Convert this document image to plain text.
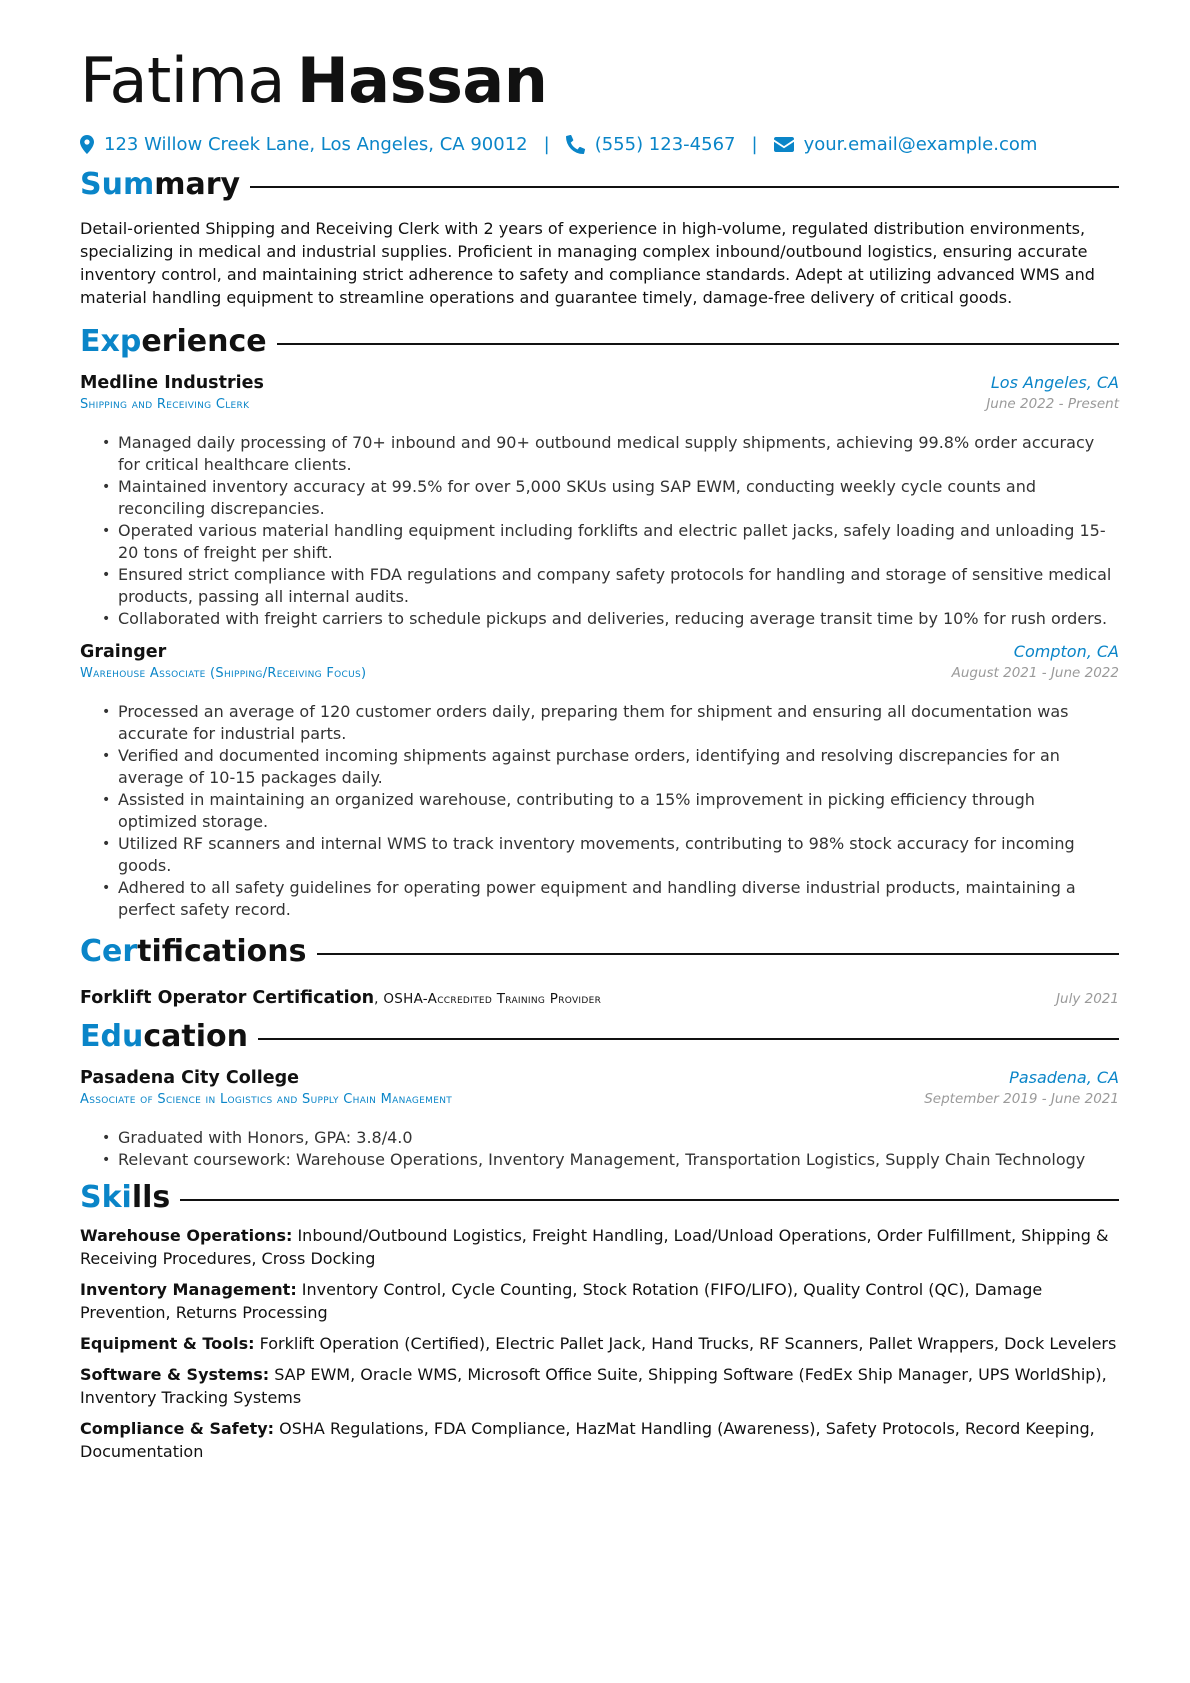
Fatima Hassan
123 Willow Creek Lane, Los Angeles, CA 90012 |	(555) 123-4567 |	your.email@example.com
Summary
Detail-oriented Shipping and Receiving Clerk with 2 years of experience in high-volume, regulated distribution environments, specializing in medical and industrial supplies. Proficient in managing complex inbound/outbound logistics, ensuring accurate inventory control, and maintaining strict adherence to safety and compliance standards. Adept at utilizing advanced WMS and material handling equipment to streamline operations and guarantee timely, damage-free delivery of critical goods.
Experience
Medline Industries	Los Angeles, CA
Shipping and Receiving Clerk	June 2022 - Present
• Managed daily processing of 70+ inbound and 90+ outbound medical supply shipments, achieving 99.8% order accuracy for critical healthcare clients.
• Maintained inventory accuracy at 99.5% for over 5,000 SKUs using SAP EWM, conducting weekly cycle counts and reconciling discrepancies.
• Operated various material handling equipment including forklifts and electric pallet jacks, safely loading and unloading 15-20 tons of freight per shift.
• Ensured strict compliance with FDA regulations and company safety protocols for handling and storage of sensitive medical products, passing all internal audits.
• Collaborated with freight carriers to schedule pickups and deliveries, reducing average transit time by 10% for rush orders.
Grainger	Compton, CA
Warehouse Associate (Shipping/Receiving Focus)	August 2021 - June 2022
• Processed an average of 120 customer orders daily, preparing them for shipment and ensuring all documentation was accurate for industrial parts.
• Verified and documented incoming shipments against purchase orders, identifying and resolving discrepancies for an average of 10-15 packages daily.
• Assisted in maintaining an organized warehouse, contributing to a 15% improvement in picking efficiency through optimized storage.
• Utilized RF scanners and internal WMS to track inventory movements, contributing to 98% stock accuracy for incoming goods.
• Adhered to all safety guidelines for operating power equipment and handling diverse industrial products, maintaining a perfect safety record.
Certifications
Forklift Operator Certification, OSHA-Accredited Training Provider	July 2021
Education
Pasadena City College	Pasadena, CA
Associate of Science in Logistics and Supply Chain Management	September 2019 - June 2021
• Graduated with Honors, GPA: 3.8/4.0
• Relevant coursework: Warehouse Operations, Inventory Management, Transportation Logistics, Supply Chain Technology
Skills
Warehouse Operations: Inbound/Outbound Logistics, Freight Handling, Load/Unload Operations, Order Fulfillment, Shipping & Receiving Procedures, Cross Docking
Inventory Management: Inventory Control, Cycle Counting, Stock Rotation (FIFO/LIFO), Quality Control (QC), Damage Prevention, Returns Processing
Equipment & Tools: Forklift Operation (Certified), Electric Pallet Jack, Hand Trucks, RF Scanners, Pallet Wrappers, Dock Levelers
Software & Systems: SAP EWM, Oracle WMS, Microsoft Office Suite, Shipping Software (FedEx Ship Manager, UPS WorldShip), Inventory Tracking Systems
Compliance & Safety: OSHA Regulations, FDA Compliance, HazMat Handling (Awareness), Safety Protocols, Record Keeping, Documentation
